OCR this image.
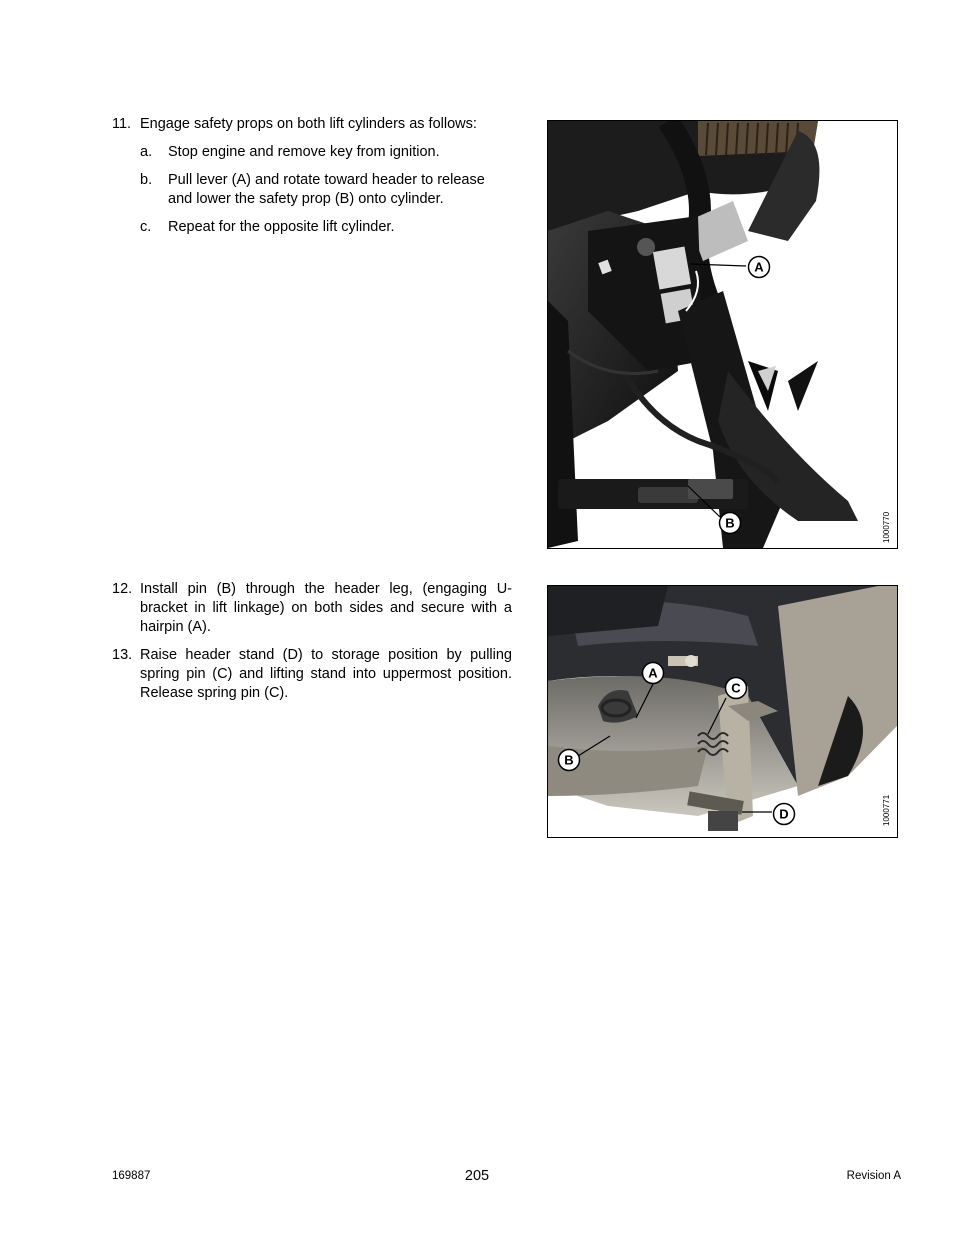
11. Engage safety props on both lift cylinders as follows:
a. Stop engine and remove key from ignition.
b. Pull lever (A) and rotate toward header to release and lower the safety prop (B) onto cylinder.
c. Repeat for the opposite lift cylinder.
A
B	1000770
12. Install pin (B) through the header leg, (engaging U-bracket in lift linkage) on both sides and secure with a hairpin (A).
13. Raise header stand (D) to storage position by pulling spring pin (C) and lifting stand into uppermost position. Release spring pin (C).
A
B
C
D	1000771
169887	205	Revision A
